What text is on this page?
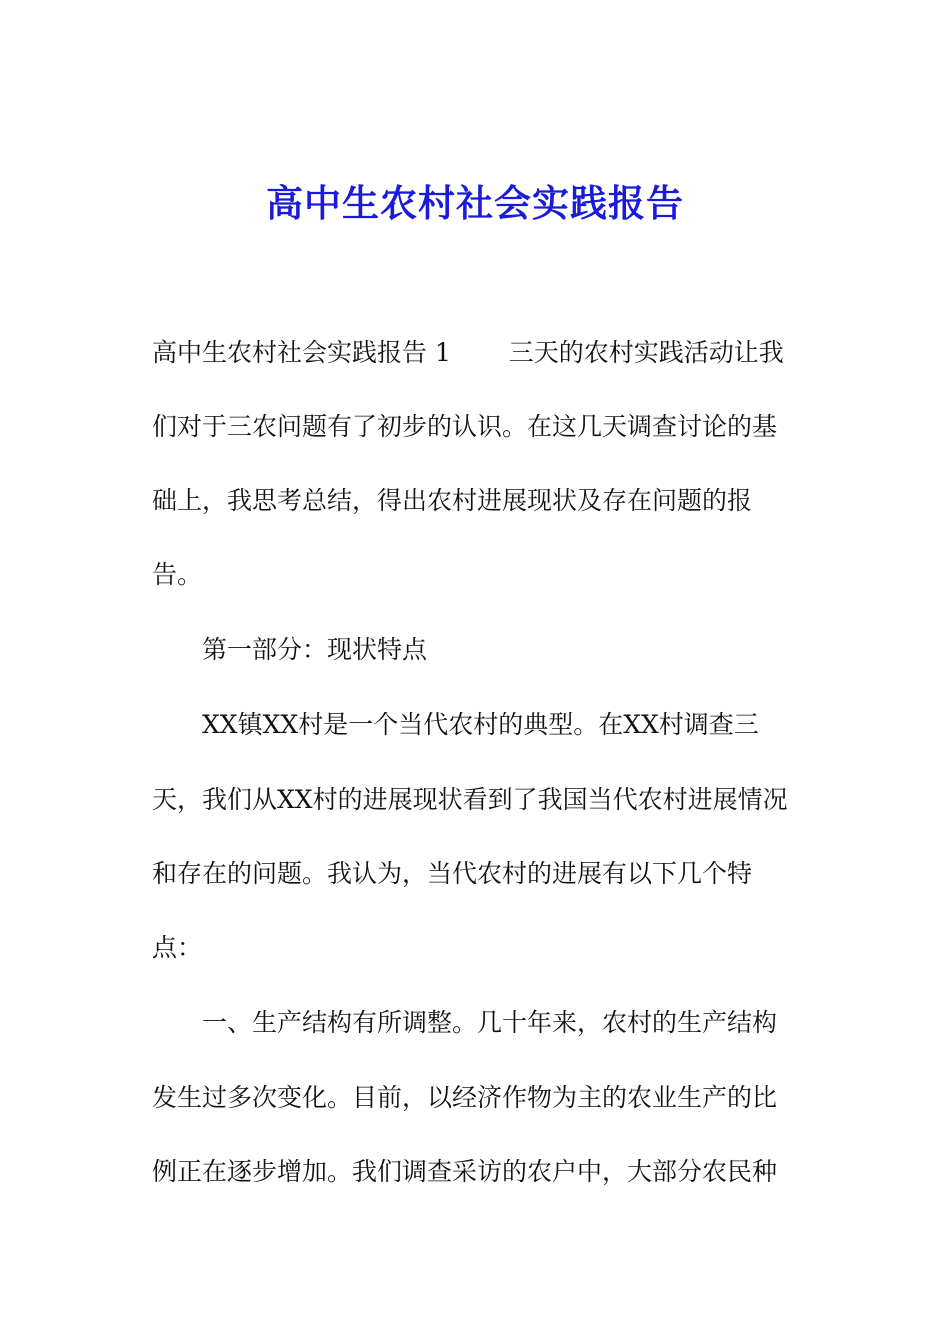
高中生农村社会实践报告
高中生农村社会实践报告 1　　 三天的农村实践活动让我
们对于三农问题有了初步的认识。在这几天调查讨论的基
础上，我思考总结，得出农村进展现状及存在问题的报
告。
　　第一部分：现状特点
　　XX镇XX村是一个当代农村的典型。在XX村调查三
天，我们从XX村的进展现状看到了我国当代农村进展情况
和存在的问题。我认为，当代农村的进展有以下几个特
点：
　　一、生产结构有所调整。几十年来，农村的生产结构
发生过多次变化。目前，以经济作物为主的农业生产的比
例正在逐步增加。我们调查采访的农户中，大部分农民种
